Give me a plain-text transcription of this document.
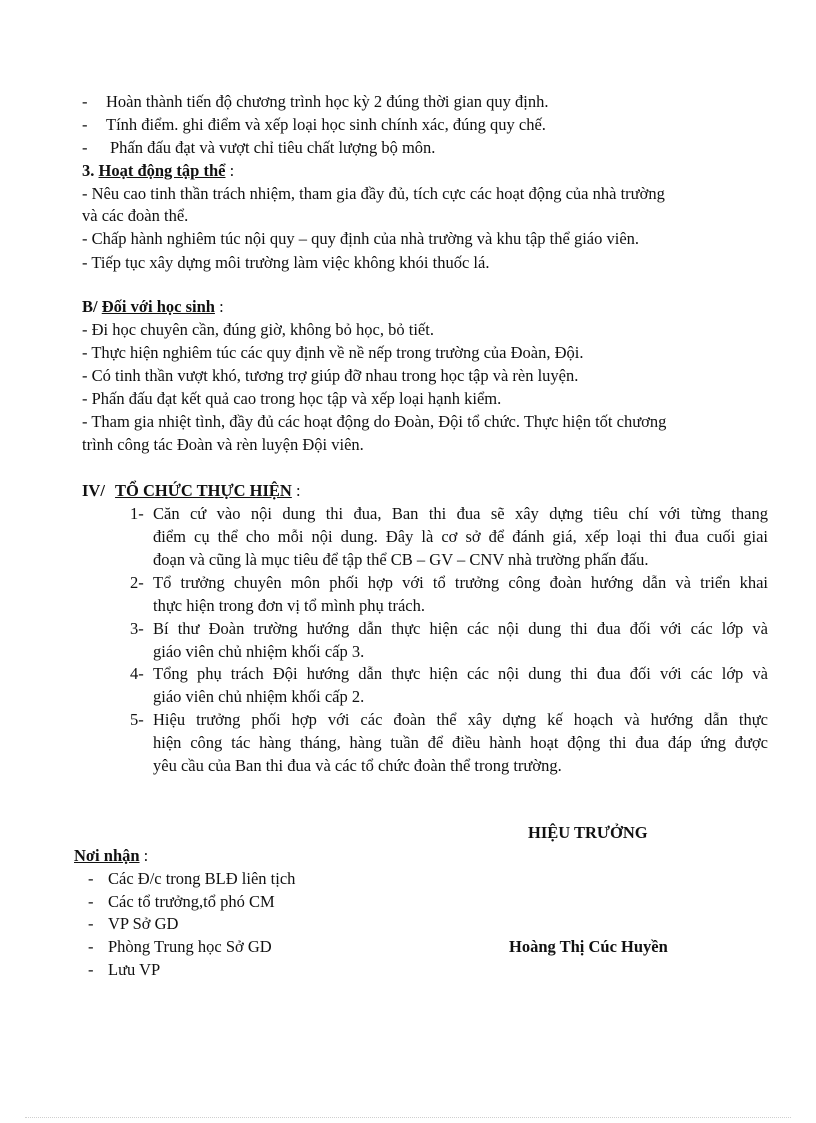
- Hoàn thành tiến độ chương trình học kỳ 2 đúng thời gian quy định.
- Tính điểm. ghi điểm và xếp loại học sinh chính xác, đúng quy chế.
- Phấn đấu đạt và vượt chỉ tiêu chất lượng bộ môn.
3. Hoạt động tập thể :
- Nêu cao tinh thần trách nhiệm, tham gia đầy đủ, tích cực các hoạt động của nhà trường
và các đoàn thể.
- Chấp hành nghiêm túc nội quy – quy định của nhà trường và khu tập thể giáo viên.
- Tiếp tục xây dựng môi trường làm việc không khói thuốc lá.
B/ Đối với học sinh :
- Đi học chuyên cần, đúng giờ, không bỏ học, bỏ tiết.
- Thực hiện nghiêm túc các quy định về nề nếp trong trường của Đoàn, Đội.
- Có tinh thần vượt khó, tương trợ giúp đỡ nhau trong học tập và rèn luyện.
- Phấn đấu đạt kết quả cao trong học tập và xếp loại hạnh kiểm.
- Tham gia nhiệt tình, đầy đủ các hoạt động do Đoàn, Đội tổ chức. Thực hiện tốt chương
trình công tác Đoàn và rèn luyện Đội viên.
IV/ TỔ CHỨC THỰC HIỆN :
1- Căn cứ vào nội dung thi đua, Ban thi đua sẽ xây dựng tiêu chí với từng thang
điểm cụ thể cho mỗi nội dung. Đây là cơ sở để đánh giá, xếp loại thi đua cuối giai
đoạn và cũng là mục tiêu để tập thể CB – GV – CNV nhà trường phấn đấu.
2- Tổ trưởng chuyên môn phối hợp với tổ trưởng công đoàn hướng dẫn và triển khai
thực hiện trong đơn vị tổ mình phụ trách.
3- Bí thư Đoàn trường hướng dẫn thực hiện các nội dung thi đua đối với các lớp và
giáo viên chủ nhiệm khối cấp 3.
4- Tổng phụ trách Đội hướng dẫn thực hiện các nội dung thi đua đối với các lớp và
giáo viên chủ nhiệm khối cấp 2.
5- Hiệu trưởng phối hợp với các đoàn thể xây dựng kế hoạch và hướng dẫn thực
hiện công tác hàng tháng, hàng tuần để điều hành hoạt động thi đua đáp ứng được
yêu cầu của Ban thi đua và các tổ chức đoàn thể trong trường.
HIỆU TRƯỞNG
Hoàng Thị Cúc Huyền
Nơi nhận :
- Các Đ/c trong BLĐ liên tịch
- Các tổ trưởng,tổ phó CM
- VP Sở GD
- Phòng Trung học Sở GD
- Lưu VP
